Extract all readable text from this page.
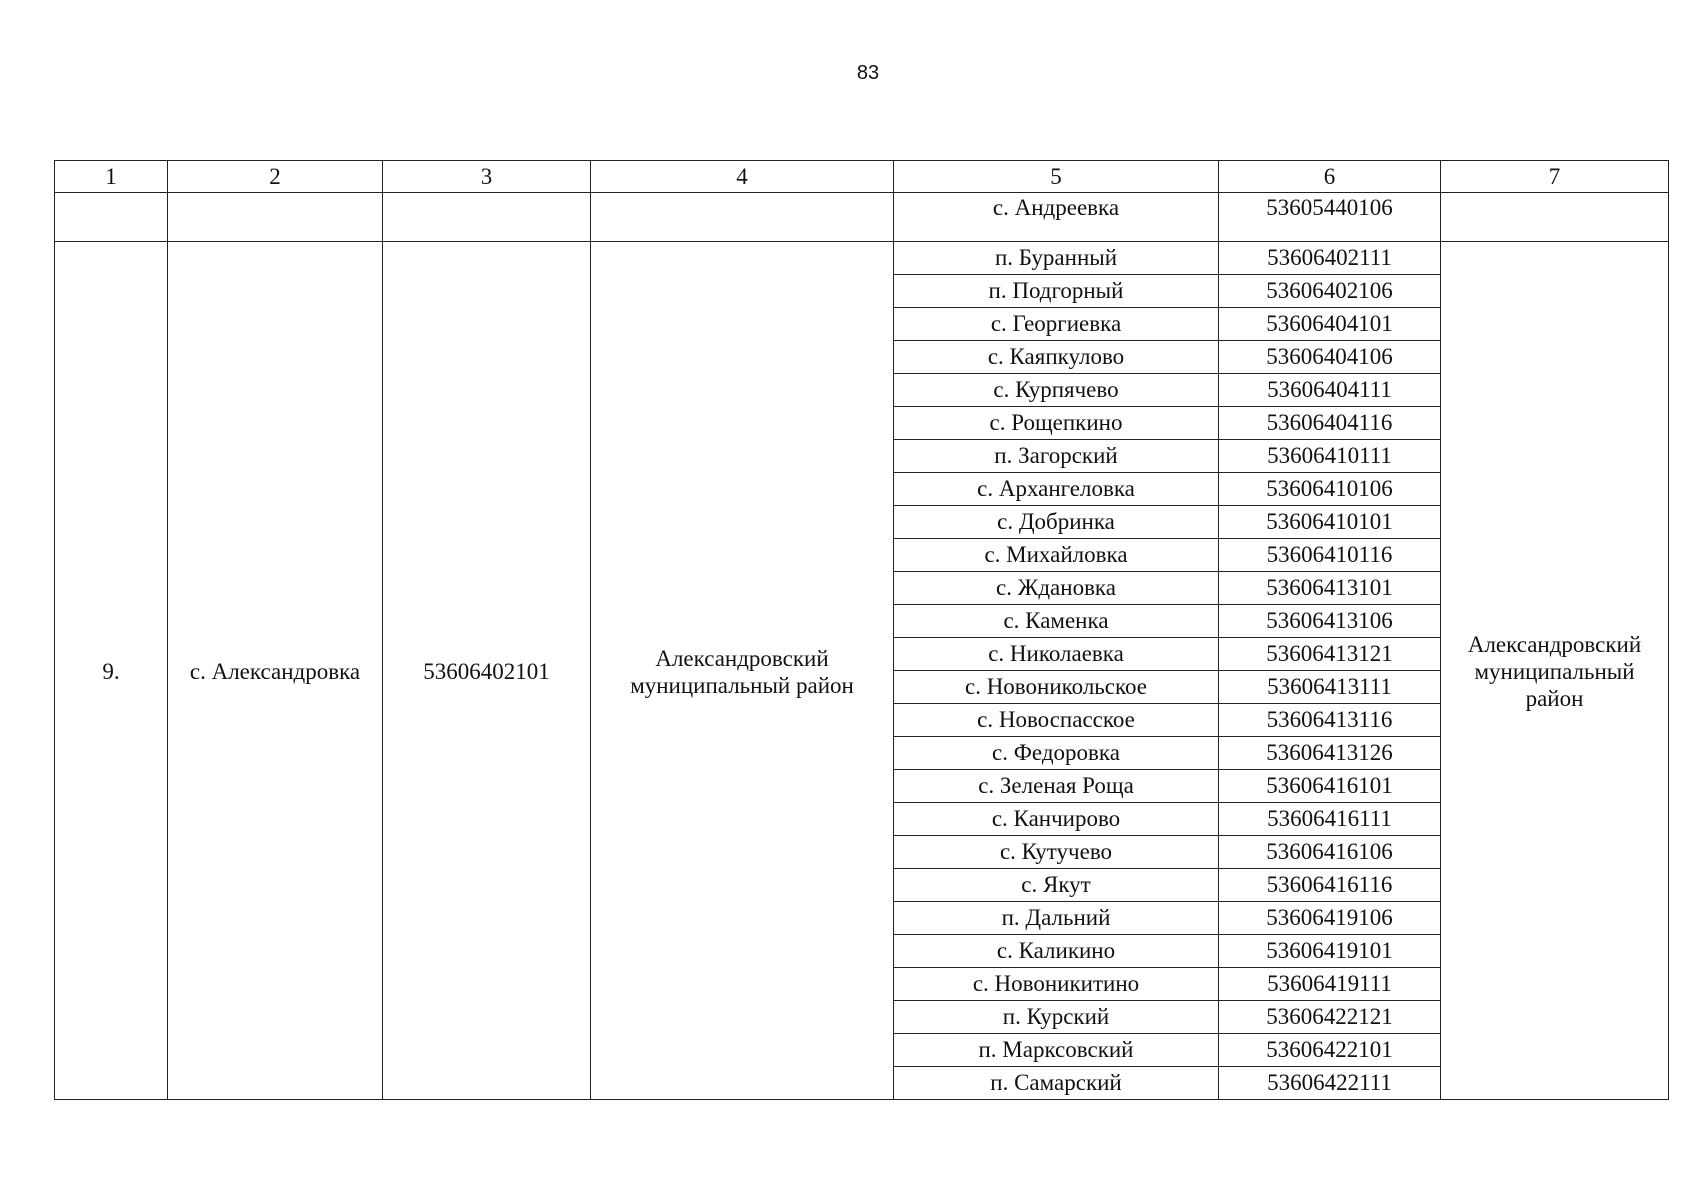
83
1	2	3	4	5	6	7
				с. Андреевка	53605440106	
9.	с. Александровка	53606402101	Александровский муниципальный район	п. Буранный	53606402111	Александровский муниципальный район
				п. Подгорный	53606402106	
				с. Георгиевка	53606404101	
				с. Каяпкулово	53606404106	
				с. Курпячево	53606404111	
				с. Рощепкино	53606404116	
				п. Загорский	53606410111	
				с. Архангеловка	53606410106	
				с. Добринка	53606410101	
				с. Михайловка	53606410116	
				с. Ждановка	53606413101	
				с. Каменка	53606413106	
				с. Николаевка	53606413121	
				с. Новоникольское	53606413111	
				с. Новоспасское	53606413116	
				с. Федоровка	53606413126	
				с. Зеленая Роща	53606416101	
				с. Канчирово	53606416111	
				с. Кутучево	53606416106	
				с. Якут	53606416116	
				п. Дальний	53606419106	
				с. Каликино	53606419101	
				с. Новоникитино	53606419111	
				п. Курский	53606422121	
				п. Марксовский	53606422101	
				п. Самарский	53606422111	
